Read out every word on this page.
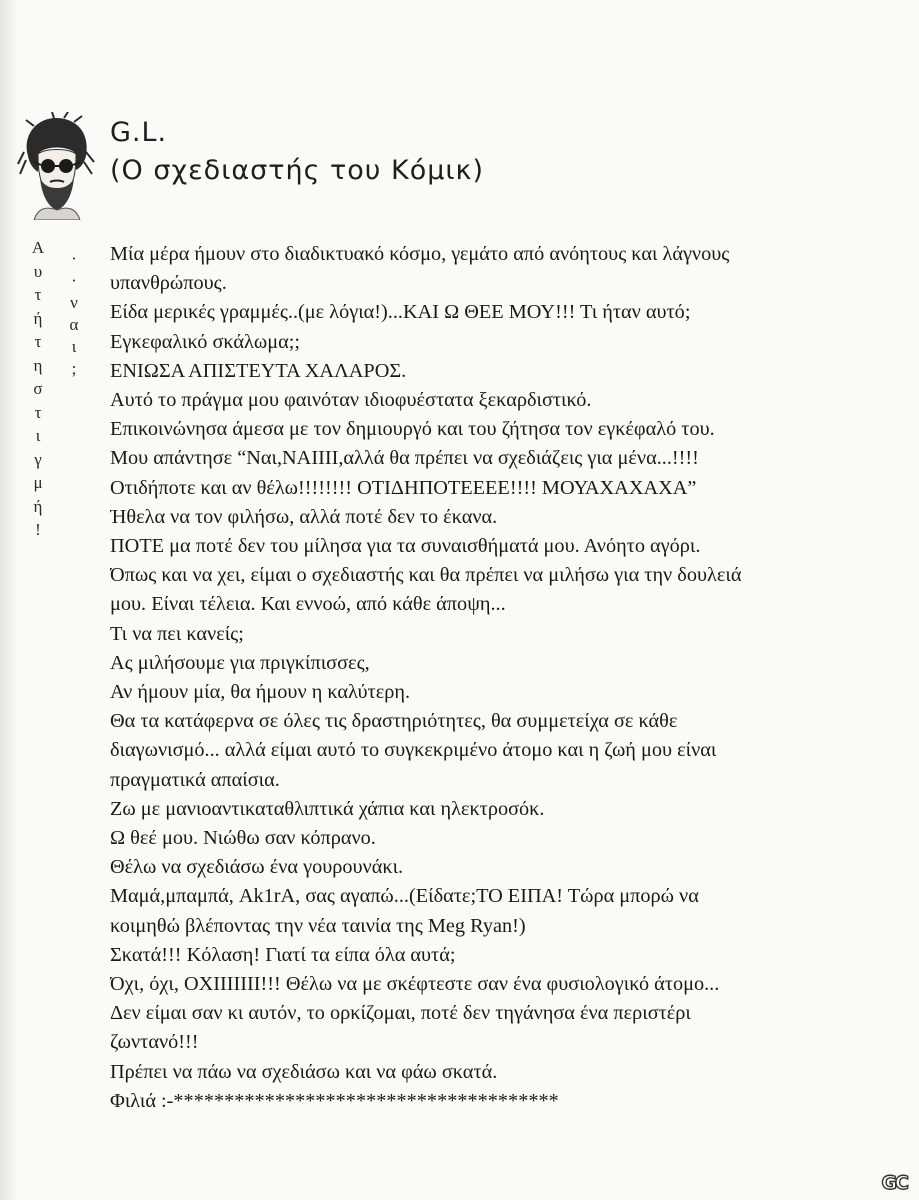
G.L.
(Ο σχεδιαστής του Κόμικ)
Α
υ
τ
ή
τ
η
σ
τ
ι
γ
μ
ή
!
·
·
ν
α
ι
;
Μία μέρα ήμουν στο διαδικτυακό κόσμο, γεμάτο από ανόητους και λάγνους
υπανθρώπους.
Είδα μερικές γραμμές..(με λόγια!)...ΚΑΙ Ω ΘΕΕ ΜΟΥ!!! Τι ήταν αυτό;
Εγκεφαλικό σκάλωμα;;
ΕΝΙΩΣΑ ΑΠΙΣΤΕΥΤΑ ΧΑΛΑΡΟΣ.
Αυτό το πράγμα μου φαινόταν ιδιοφυέστατα ξεκαρδιστικό.
Επικοινώνησα άμεσα με τον δημιουργό και του ζήτησα τον εγκέφαλό του.
Μου απάντησε “Ναι,ΝΑΙΙΙΙ,αλλά θα πρέπει να σχεδιάζεις για μένα...!!!!
Οτιδήποτε και αν θέλω!!!!!!!! ΟΤΙΔΗΠΟΤΕΕΕΕ!!!! ΜΟΥΑΧΑΧΑΧΑ”
Ήθελα να τον φιλήσω, αλλά ποτέ δεν το έκανα.
ΠΟΤΕ μα ποτέ δεν του μίλησα για τα συναισθήματά μου. Ανόητο αγόρι.
Όπως και να χει, είμαι ο σχεδιαστής και θα πρέπει να μιλήσω για την δουλειά
μου. Είναι τέλεια. Και εννοώ, από κάθε άποψη...
Τι να πει κανείς;
Ας μιλήσουμε για πριγκίπισσες,
Αν ήμουν μία, θα ήμουν η καλύτερη.
Θα τα κατάφερνα σε όλες τις δραστηριότητες, θα συμμετείχα σε κάθε
διαγωνισμό... αλλά είμαι αυτό το συγκεκριμένο άτομο και η ζωή μου είναι
πραγματικά απαίσια.
Ζω με μανιοαντικαταθλιπτικά χάπια και ηλεκτροσόκ.
Ω θεέ μου. Νιώθω σαν κόπρανο.
Θέλω να σχεδιάσω ένα γουρουνάκι.
Μαμά,μπαμπά, Ak1rA, σας αγαπώ...(Είδατε;ΤΟ ΕΙΠΑ! Τώρα μπορώ να
κοιμηθώ βλέποντας την νέα ταινία της Meg Ryan!)
Σκατά!!! Κόλαση! Γιατί τα είπα όλα αυτά;
Όχι, όχι, ΟΧΙΙΙΙΙΙΙ!!! Θέλω να με σκέφτεστε σαν ένα φυσιολογικό άτομο...
Δεν είμαι σαν κι αυτόν, το ορκίζομαι, ποτέ δεν τηγάνησα ένα περιστέρι
ζωντανό!!!
Πρέπει να πάω να σχεδιάσω και να φάω σκατά.
Φιλιά :-**************************************
GC
